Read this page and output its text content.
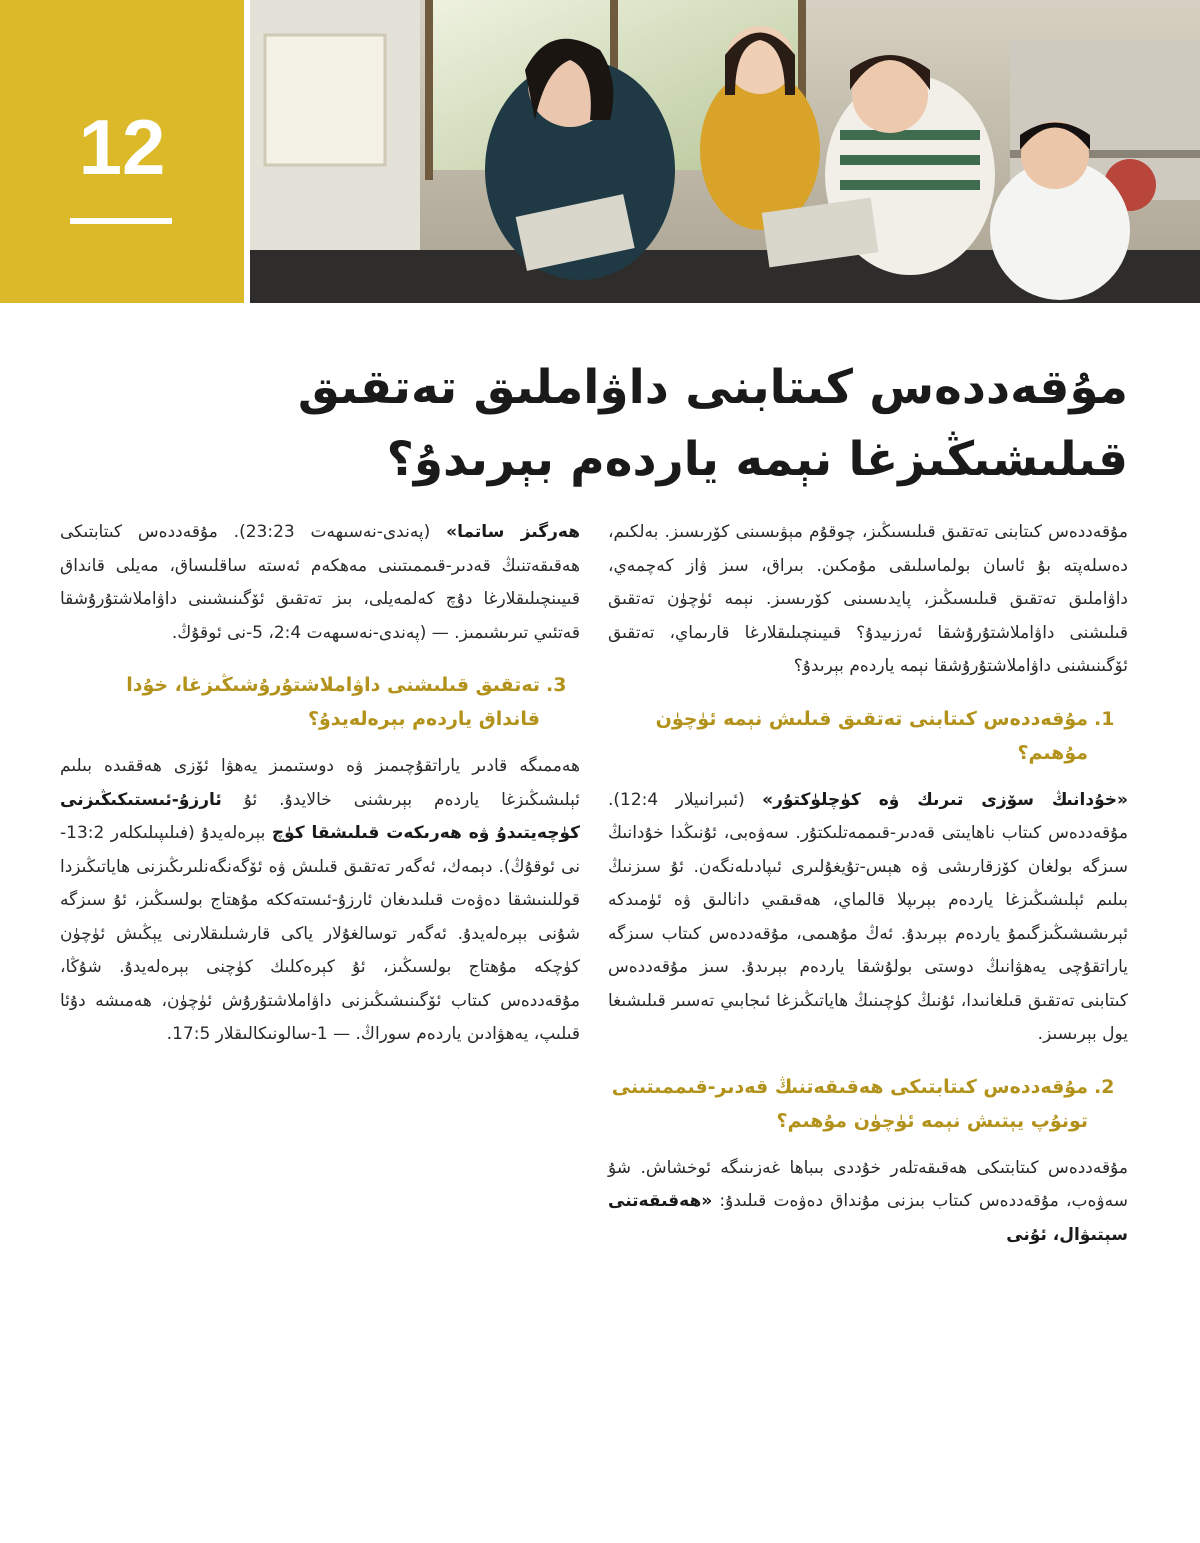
12
مۇقەددەس كىتابنى داۋاملىق تەتقىق قىلىشىڭىزغا نېمە ياردەم بېرىدۇ؟

مۇقەددەس كىتابنى تەتقىق قىلىسىڭىز، چوقۇم مېۋىسىنى كۆرىسىز. بەلكىم، دەسلەپتە بۇ ئاسان بولماسلىقى مۇمكىن. بىراق، سىز ۋاز كەچمەي، داۋاملىق تەتقىق قىلىسىڭىز، پايدىسىنى كۆرىسىز. نېمە ئۈچۈن تەتقىق قىلىشنى داۋاملاشتۇرۇشقا ئەرزىيدۇ؟ قىيىنچىلىقلارغا قارىماي، تەتقىق ئۆگىنىشنى داۋاملاشتۇرۇشقا نېمە ياردەم بېرىدۇ؟

.1
مۇقەددەس كىتابنى تەتقىق قىلىش نېمە ئۈچۈن مۇھىم؟

«خۇدانىڭ سۆزى تىرىك ۋە كۈچلۈكتۇر» (ئىبرانىيلار 12:4). مۇقەددەس كىتاب ناھايىتى قەدىر-قىممەتلىكتۇر. سەۋەبى، ئۇنىڭدا خۇدانىڭ سىزگە بولغان كۆزقارىشى ۋە ھېس-تۇيغۇلىرى ئىپادىلەنگەن. ئۇ سىزنىڭ بىلىم ئېلىشىڭىزغا ياردەم بېرىپلا قالماي، ھەقىقىي دانالىق ۋە ئۈمىدكە ئېرىشىشىڭىزگىمۇ ياردەم بېرىدۇ. ئەڭ مۇھىمى، مۇقەددەس كىتاب سىزگە ياراتقۇچى يەھۋانىڭ دوستى بولۇشقا ياردەم بېرىدۇ. سىز مۇقەددەس كىتابنى تەتقىق قىلغانىدا، ئۇنىڭ كۈچىنىڭ ھاياتىڭىزغا ئىجابىي تەسىر قىلىشىغا يول بېرىسىز.

.2
مۇقەددەس كىتابتىكى ھەقىقەتنىڭ قەدىر-قىممىتىنى تونۇپ يېتىش نېمە ئۈچۈن مۇھىم؟

مۇقەددەس كىتابتىكى ھەقىقەتلەر خۇددى بىباھا غەزىنىگە ئوخشاش. شۇ سەۋەب، مۇقەددەس كىتاب بىزنى مۇنداق دەۋەت قىلىدۇ: «ھەقىقەتنى سېتىۋال، ئۇنى

ھەرگىز ساتما» (پەندى-نەسىھەت 23:23). مۇقەددەس كىتابتىكى ھەقىقەتنىڭ قەدىر-قىممىتىنى مەھكەم ئەستە ساقلىساق، مەيلى قانداق قىيىنچىلىقلارغا دۇچ كەلمەيلى، بىز تەتقىق ئۆگىنىشىنى داۋاملاشتۇرۇشقا قەتئىي تىرىشىمىز. — (پەندى-نەسىھەت 2:4، 5-نى ئوقۇڭ.

.3
تەتقىق قىلىشنى داۋاملاشتۇرۇشىڭىزغا، خۇدا قانداق ياردەم بېرەلەيدۇ؟

ھەممىگە قادىر ياراتقۇچىمىز ۋە دوستىمىز يەھۋا ئۆزى ھەققىدە بىلىم ئېلىشىڭىزغا ياردەم بېرىشنى خالايدۇ. ئۇ ئارزۇ-ئىستىكىڭىزنى كۈچەيتىدۇ ۋە ھەرىكەت قىلىشقا كۈچ بېرەلەيدۇ (فىلىپىلىكلەر 13:2-نى ئوقۇڭ). دېمەك، ئەگەر تەتقىق قىلىش ۋە ئۆگەنگەنلىرىڭىزنى ھاياتىڭىزدا قوللىنىشقا دەۋەت قىلىدىغان ئارزۇ-ئىستەككە مۇھتاج بولسىڭىز، ئۇ سىزگە شۇنى بېرەلەيدۇ. ئەگەر توسالغۇلار ياكى قارشىلىقلارنى يېڭىش ئۈچۈن كۈچكە مۇھتاج بولسىڭىز، ئۇ كېرەكلىك كۈچنى بېرەلەيدۇ. شۇڭا، مۇقەددەس كىتاب ئۆگىنىشىڭىزنى داۋاملاشتۇرۇش ئۈچۈن، ھەمىشە دۇئا قىلىپ، يەھۋادىن ياردەم سوراڭ. — 1-سالونىكالىقلار 17:5.
